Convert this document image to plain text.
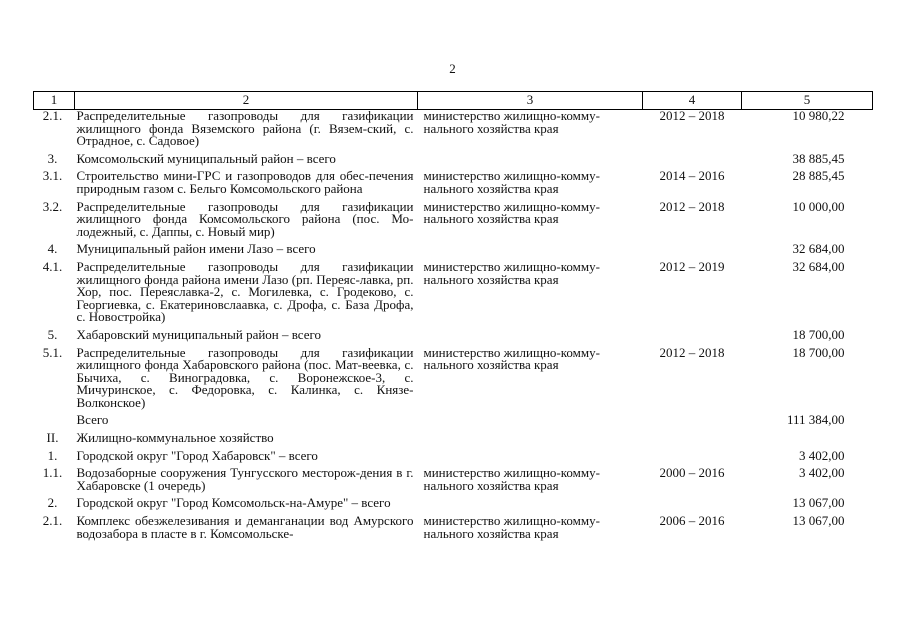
2
1	2	3	4	5
2.1.	Распределительные газопроводы для газификации жилищного фонда Вяземского района (г. Вязем-ский, с. Отрадное, с. Садовое)	министерство жилищно-комму-нального хозяйства края	2012 – 2018	10 980,22
3.	Комсомольский муниципальный район – всего			38 885,45
3.1.	Строительство мини-ГРС и газопроводов для обес-печения природным газом с. Бельго Комсомольского района	министерство жилищно-комму-нального хозяйства края	2014 – 2016	28 885,45
3.2.	Распределительные газопроводы для газификации жилищного фонда Комсомольского района (пос. Мо-лодежный, с. Даппы, с. Новый мир)	министерство жилищно-комму-нального хозяйства края	2012 – 2018	10 000,00
4.	Муниципальный район имени Лазо – всего			32 684,00
4.1.	Распределительные газопроводы для газификации жилищного фонда района имени Лазо (рп. Переяс-лавка, рп. Хор, пос. Переяславка-2, с. Могилевка, с. Гродеково, с. Георгиевка, с. Екатериновслаавка, с. Дрофа, с. База Дрофа, с. Новостройка)	министерство жилищно-комму-нального хозяйства края	2012 – 2019	32 684,00
5.	Хабаровский муниципальный район – всего			18 700,00
5.1.	Распределительные газопроводы для газификации жилищного фонда Хабаровского района (пос. Мат-веевка, с. Бычиха, с. Виноградовка, с. Воронежское-3, с. Мичуринское, с. Федоровка, с. Калинка, с. Князе-Волконское)	министерство жилищно-комму-нального хозяйства края	2012 – 2018	18 700,00
	Всего			111 384,00
II.	Жилищно-коммунальное хозяйство			
1.	Городской округ "Город Хабаровск" – всего			3 402,00
1.1.	Водозаборные сооружения Тунгусского месторож-дения в г. Хабаровске (1 очередь)	министерство жилищно-комму-нального хозяйства края	2000 – 2016	3 402,00
2.	Городской округ "Город Комсомольск-на-Амуре" – всего			13 067,00
2.1.	Комплекс обезжелезивания и деманганации вод Амурского водозабора в пласте в г. Комсомольске-	министерство жилищно-комму-нального хозяйства края	2006 – 2016	13 067,00
